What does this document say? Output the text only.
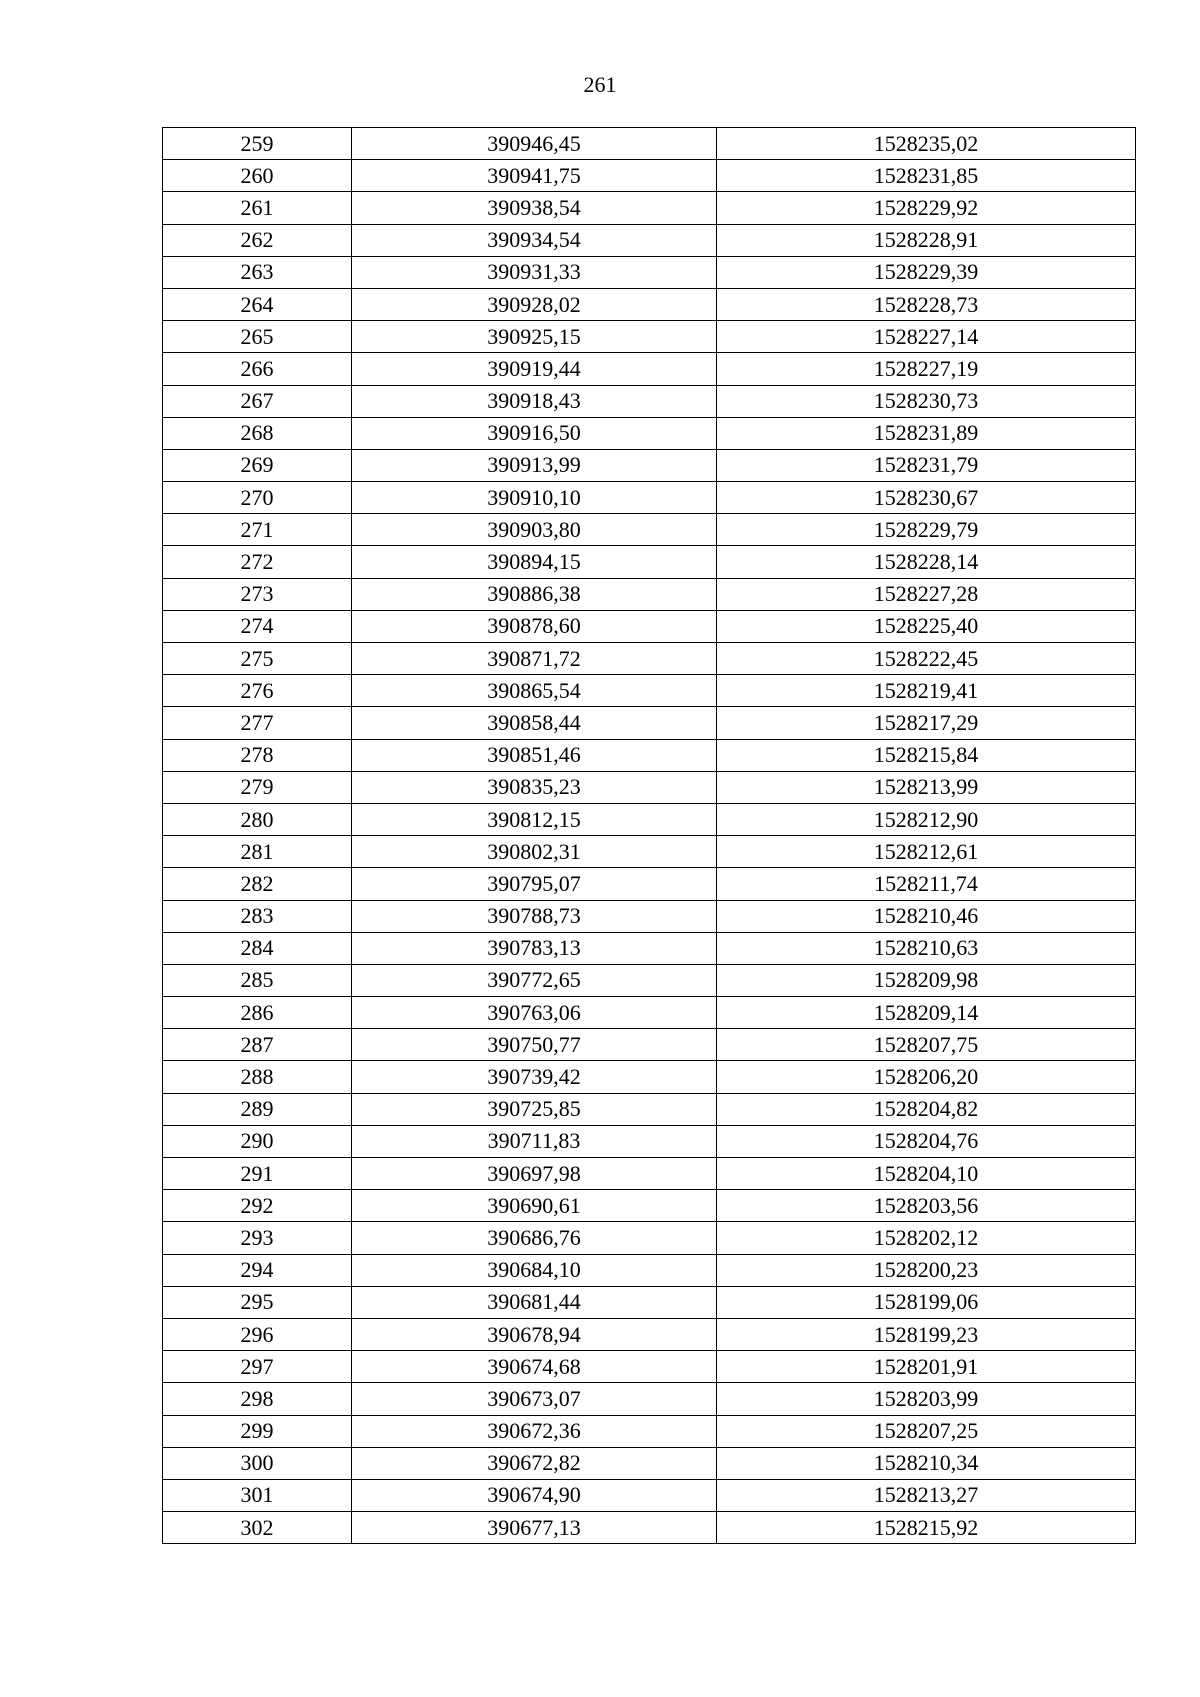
261
259	390946,45	1528235,02
260	390941,75	1528231,85
261	390938,54	1528229,92
262	390934,54	1528228,91
263	390931,33	1528229,39
264	390928,02	1528228,73
265	390925,15	1528227,14
266	390919,44	1528227,19
267	390918,43	1528230,73
268	390916,50	1528231,89
269	390913,99	1528231,79
270	390910,10	1528230,67
271	390903,80	1528229,79
272	390894,15	1528228,14
273	390886,38	1528227,28
274	390878,60	1528225,40
275	390871,72	1528222,45
276	390865,54	1528219,41
277	390858,44	1528217,29
278	390851,46	1528215,84
279	390835,23	1528213,99
280	390812,15	1528212,90
281	390802,31	1528212,61
282	390795,07	1528211,74
283	390788,73	1528210,46
284	390783,13	1528210,63
285	390772,65	1528209,98
286	390763,06	1528209,14
287	390750,77	1528207,75
288	390739,42	1528206,20
289	390725,85	1528204,82
290	390711,83	1528204,76
291	390697,98	1528204,10
292	390690,61	1528203,56
293	390686,76	1528202,12
294	390684,10	1528200,23
295	390681,44	1528199,06
296	390678,94	1528199,23
297	390674,68	1528201,91
298	390673,07	1528203,99
299	390672,36	1528207,25
300	390672,82	1528210,34
301	390674,90	1528213,27
302	390677,13	1528215,92
